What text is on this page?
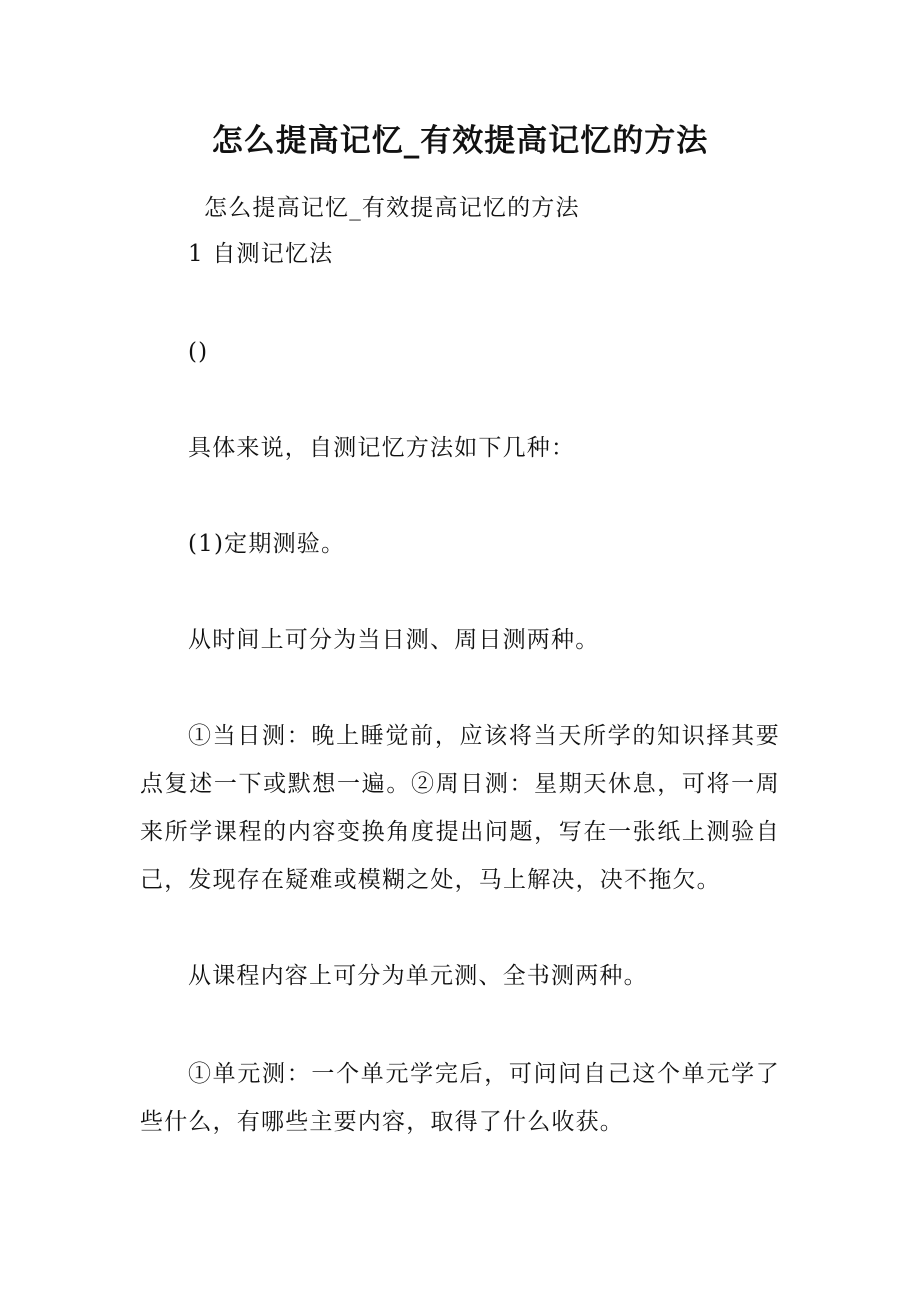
怎么提高记忆_有效提高记忆的方法

怎么提高记忆_有效提高记忆的方法

1 自测记忆法

()

具体来说，自测记忆方法如下几种：

(1)定期测验。

从时间上可分为当日测、周日测两种。

①当日测：晚上睡觉前，应该将当天所学的知识择其要点复述一下或默想一遍。②周日测：星期天休息，可将一周来所学课程的内容变换角度提出问题，写在一张纸上测验自己，发现存在疑难或模糊之处，马上解决，决不拖欠。

从课程内容上可分为单元测、全书测两种。

①单元测：一个单元学完后，可问问自己这个单元学了些什么，有哪些主要内容，取得了什么收获。
